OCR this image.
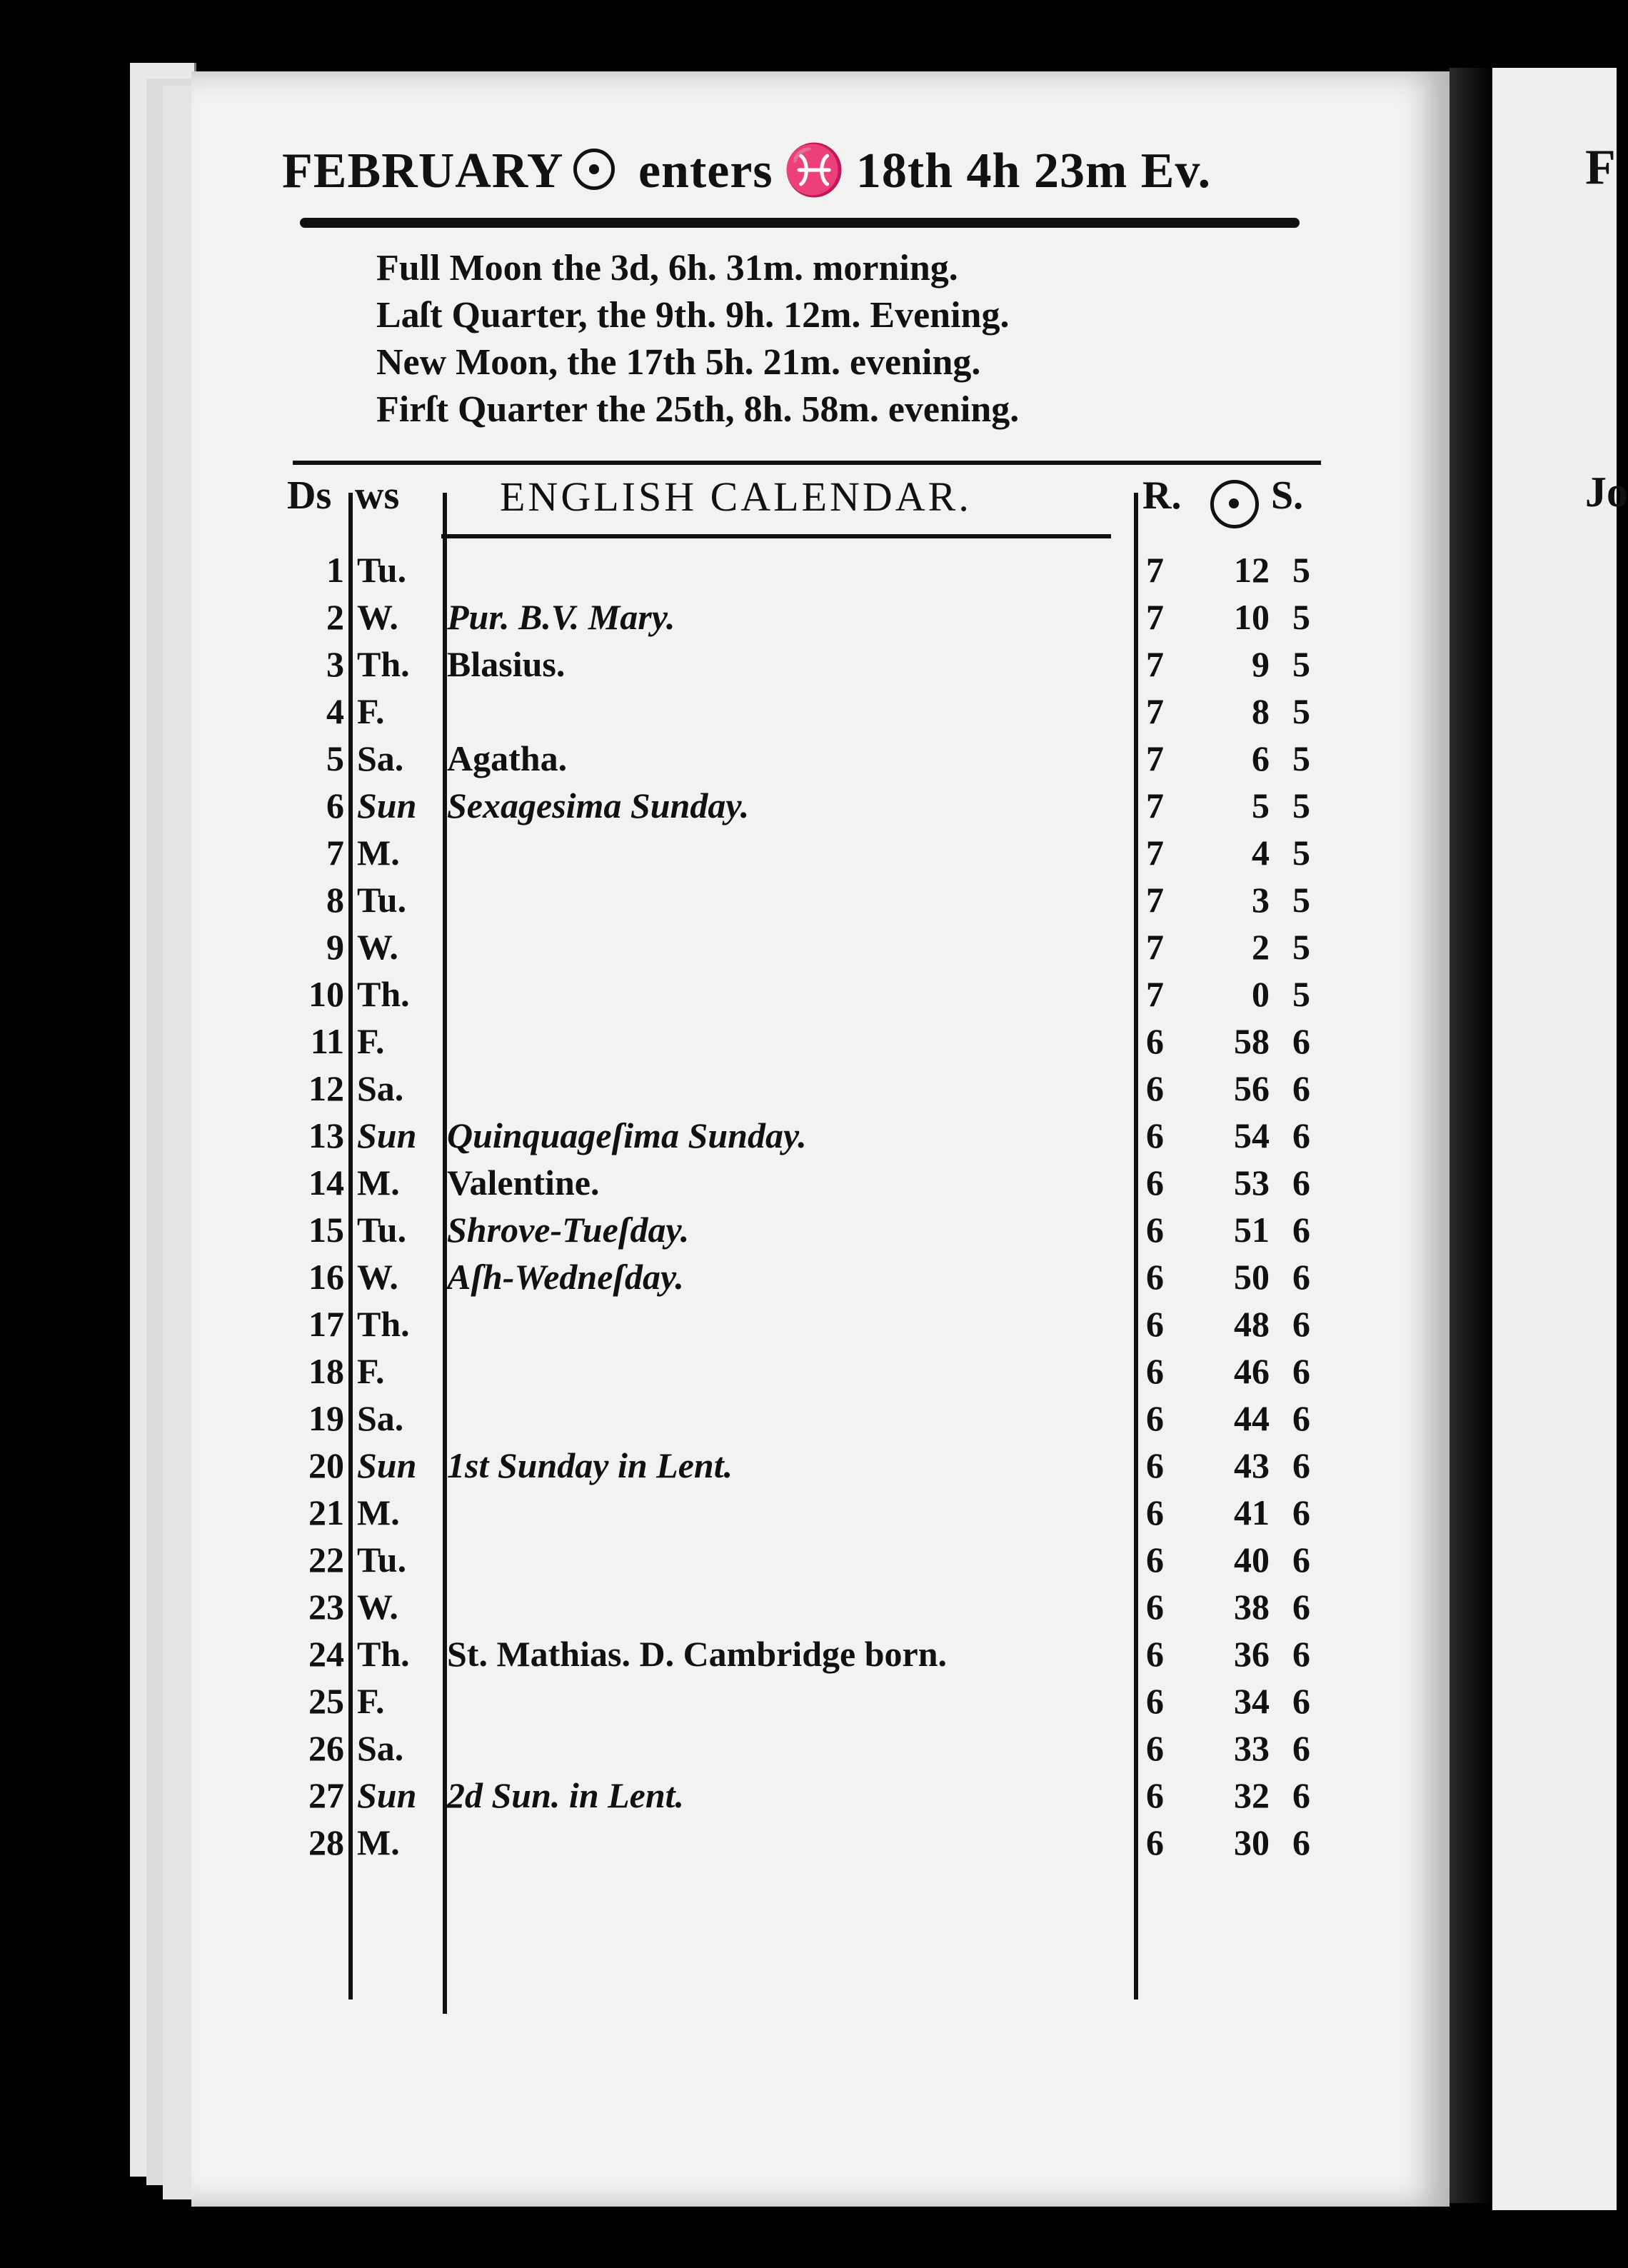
F
Jo
FEBRUARY enters ♓ 18th 4h 23m Ev.
Full Moon the 3d, 6h. 31m. morning.
Laſt Quarter, the 9th. 9h. 12m. Evening.
New Moon, the 17th 5h. 21m. evening.
Firſt Quarter the 25th, 8h. 58m. evening.
Ds ws ENGLISH CALENDAR.	R. S.
1 Tu.	7	12 5
2 W. Pur. B.V. Mary.	7	10 5
3 Th. Blasius.	7	9 5
4 F.	7	8 5
5 Sa. Agatha.	7	6 5
6 Sun Sexagesima Sunday.	7	5 5
7 M.	7	4 5
8 Tu.	7	3 5
9 W.	7	2 5
10 Th.	7	0 5
11 F.	6	58 6
12 Sa.	6	56 6
13 Sun Quinquageſima Sunday.	6	54 6
14 M. Valentine.	6	53 6
15 Tu. Shrove-Tueſday.	6	51 6
16 W. Aſh-Wedneſday.	6	50 6
17 Th.	6	48 6
18 F.	6	46 6
19 Sa.	6	44 6
20 Sun 1st Sunday in Lent.	6	43 6
21 M.	6	41 6
22 Tu.	6	40 6
23 W.	6	38 6
24 Th. St. Mathias. D. Cambridge born.	6	36 6
25 F.	6	34 6
26 Sa.	6	33 6
27 Sun 2d Sun. in Lent.	6	32 6
28 M.	6	30 6
